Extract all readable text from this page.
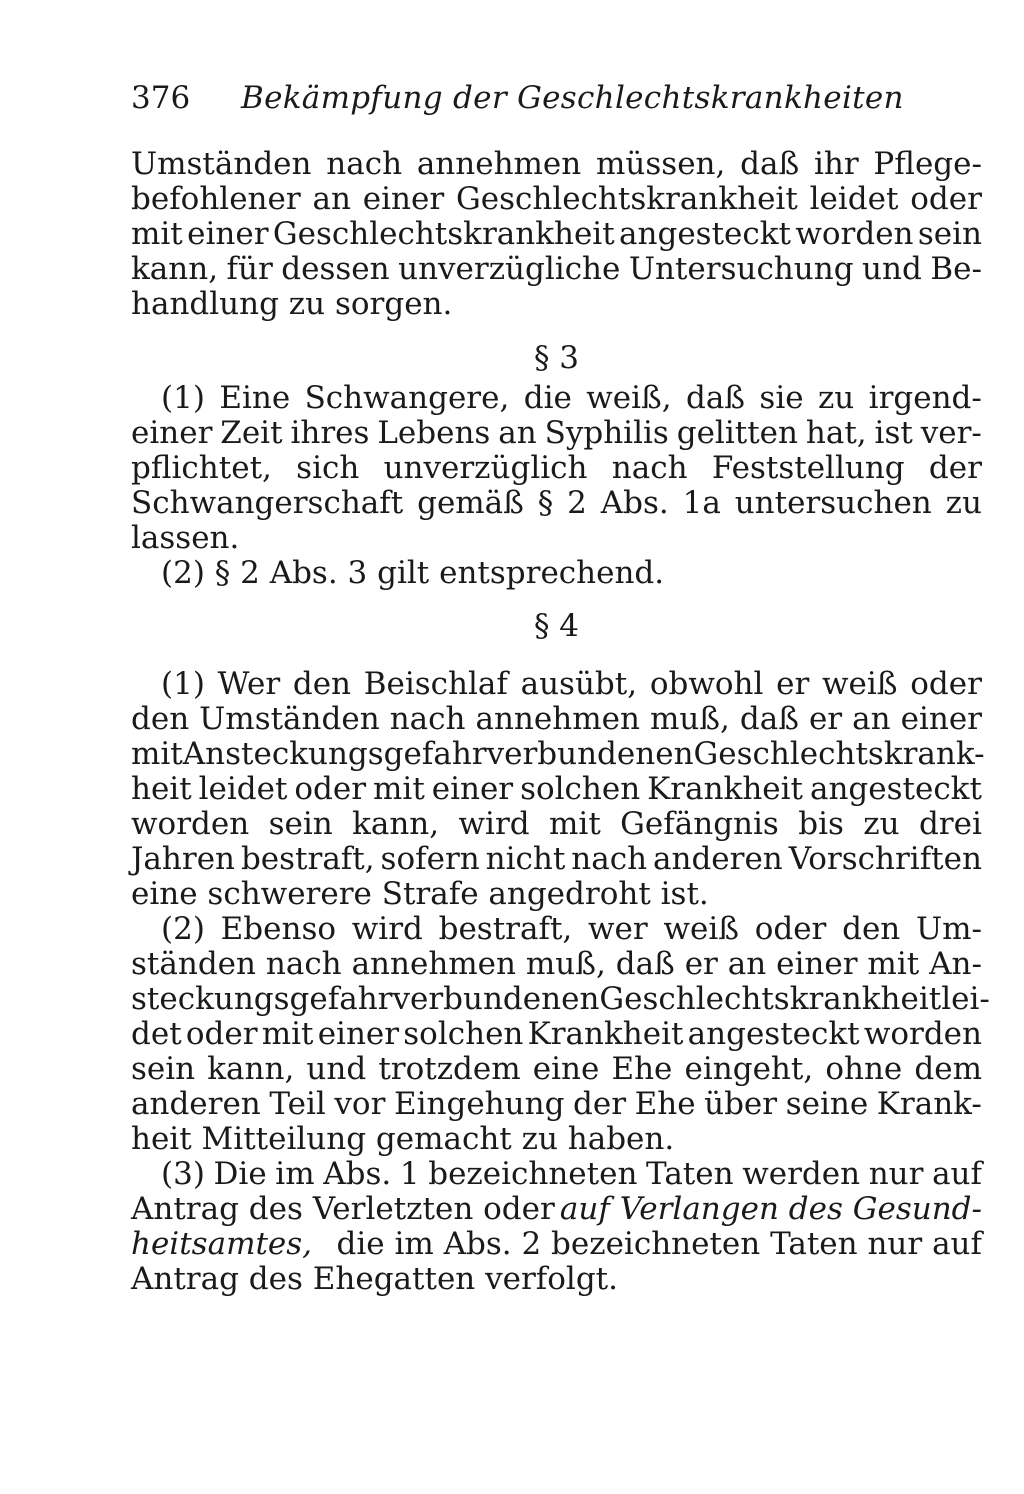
376 Bekämpfung der Geschlechtskrankheiten
Umständen nach annehmen müssen, daß ihr Pflege-
befohlener an einer Geschlechtskrankheit leidet oder
mit einer Geschlechtskrankheit angesteckt worden sein
kann, für dessen unverzügliche Untersuchung und Be-
handlung zu sorgen.
§ 3
(1) Eine Schwangere, die weiß, daß sie zu irgend-
einer Zeit ihres Lebens an Syphilis gelitten hat, ist ver-
pflichtet, sich unverzüglich nach Feststellung der
Schwangerschaft gemäß § 2 Abs. 1a untersuchen zu
lassen.
(2) § 2 Abs. 3 gilt entsprechend.
§ 4
(1) Wer den Beischlaf ausübt, obwohl er weiß oder
den Umständen nach annehmen muß, daß er an einer
mit Ansteckungsgefahr verbundenen Geschlechtskrank-
heit leidet oder mit einer solchen Krankheit angesteckt
worden sein kann, wird mit Gefängnis bis zu drei
Jahren bestraft, sofern nicht nach anderen Vorschriften
eine schwerere Strafe angedroht ist.
(2) Ebenso wird bestraft, wer weiß oder den Um-
ständen nach annehmen muß, daß er an einer mit An-
steckungsgefahr verbundenen Geschlechtskrankheit lei-
det oder mit einer solchen Krankheit angesteckt worden
sein kann, und trotzdem eine Ehe eingeht, ohne dem
anderen Teil vor Eingehung der Ehe über seine Krank-
heit Mitteilung gemacht zu haben.
(3) Die im Abs. 1 bezeichneten Taten werden nur auf
Antrag des Verletzten oder auf Verlangen des Gesund-
heitsamtes, die im Abs. 2 bezeichneten Taten nur auf
Antrag des Ehegatten verfolgt.
